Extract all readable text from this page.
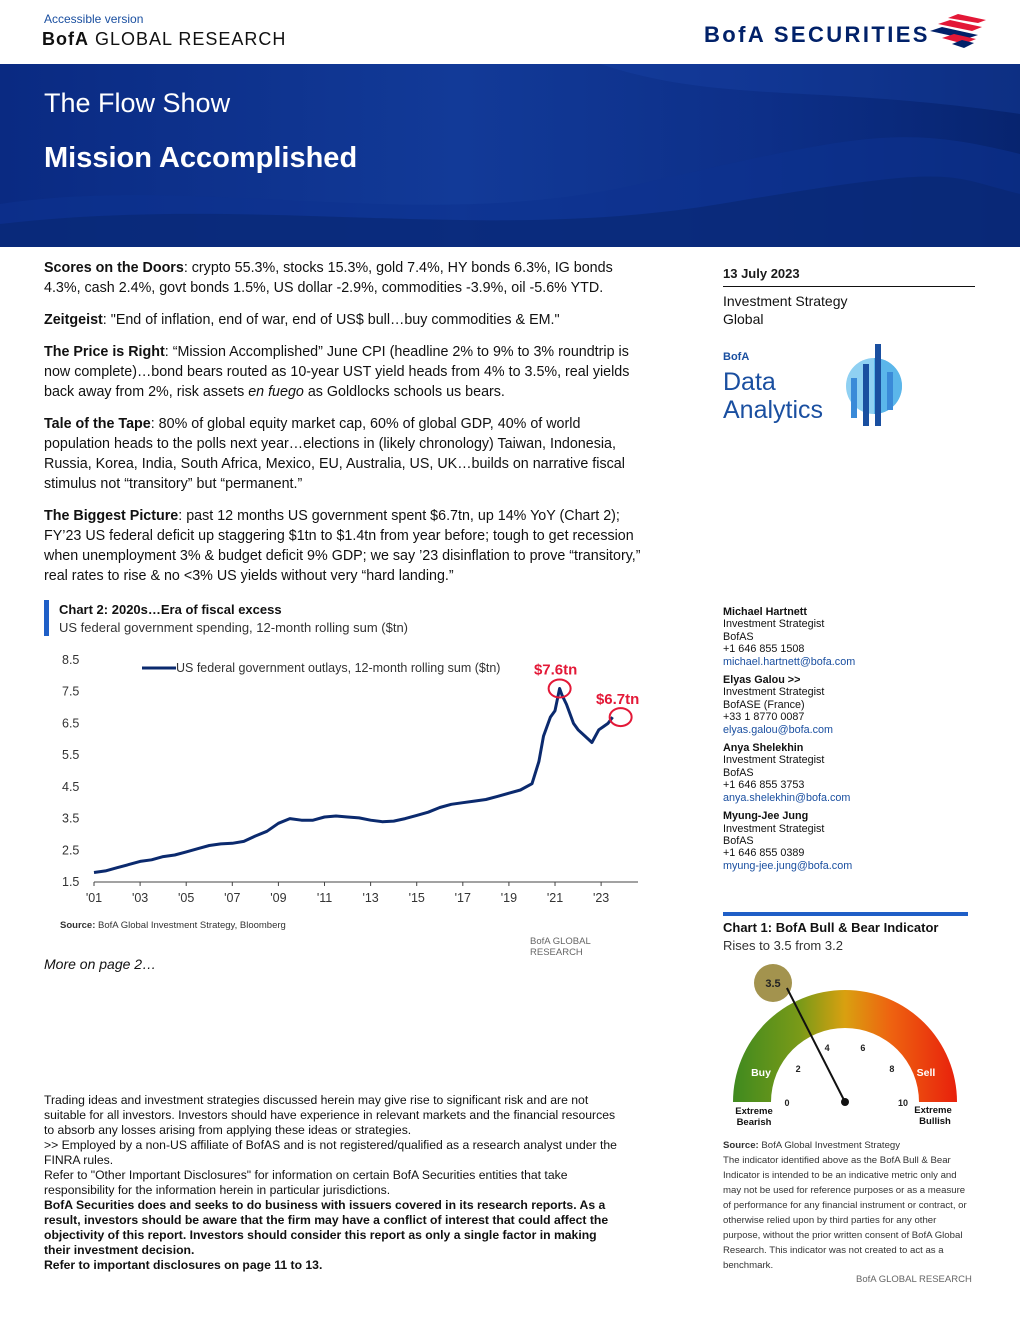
Accessible version
BofA GLOBAL RESEARCH	BofA SECURITIES
The Flow Show
Mission Accomplished

Scores on the Doors: crypto 55.3%, stocks 15.3%, gold 7.4%, HY bonds 6.3%, IG bonds 4.3%, cash 2.4%, govt bonds 1.5%, US dollar -2.9%, commodities -3.9%, oil -5.6% YTD.

Zeitgeist: "End of inflation, end of war, end of US$ bull…buy commodities & EM."

The Price is Right: “Mission Accomplished” June CPI (headline 2% to 9% to 3% roundtrip is now complete)…bond bears routed as 10-year UST yield heads from 4% to 3.5%, real yields back away from 2%, risk assets en fuego as Goldlocks schools us bears.

Tale of the Tape: 80% of global equity market cap, 60% of global GDP, 40% of world population heads to the polls next year…elections in (likely chronology) Taiwan, Indonesia, Russia, Korea, India, South Africa, Mexico, EU, Australia, US, UK…builds on narrative fiscal stimulus not “transitory” but “permanent.”

The Biggest Picture: past 12 months US government spent $6.7tn, up 14% YoY (Chart 2); FY’23 US federal deficit up staggering $1tn to $1.4tn from year before; tough to get recession when unemployment 3% & budget deficit 9% GDP; we say ’23 disinflation to prove “transitory,” real rates to rise & no <3% US yields without very “hard landing.”

Chart 2: 2020s…Era of fiscal excess
US federal government spending, 12-month rolling sum ($tn)
8.5
7.5
6.5
5.5
4.5
3.5
2.5
1.5
'01 '03 '05 '07 '09 '11 '13 '15 '17 '19 '21 '23
US federal government outlays, 12-month rolling sum ($tn) $7.6tn
$6.7tn
Source: BofA Global Investment Strategy, Bloomberg
BofA GLOBAL RESEARCH
More on page 2…
Trading ideas and investment strategies discussed herein may give rise to significant risk and are not suitable for all investors. Investors should have experience in relevant markets and the financial resources to absorb any losses arising from applying these ideas or strategies.
>> Employed by a non-US affiliate of BofAS and is not registered/qualified as a research analyst under the FINRA rules.
Refer to "Other Important Disclosures" for information on certain BofA Securities entities that take responsibility for the information herein in particular jurisdictions.
BofA Securities does and seeks to do business with issuers covered in its research reports. As a result, investors should be aware that the firm may have a conflict of interest that could affect the objectivity of this report. Investors should consider this report as only a single factor in making their investment decision.
Refer to important disclosures on page 11 to 13.
13 July 2023
Investment Strategy
Global
BofA
Data
Analytics
Michael Hartnett
Investment Strategist
BofAS
+1 646 855 1508
michael.hartnett@bofa.com
Elyas Galou >>
Investment Strategist
BofASE (France)
+33 1 8770 0087
elyas.galou@bofa.com
Anya Shelekhin
Investment Strategist
BofAS
+1 646 855 3753
anya.shelekhin@bofa.com
Myung-Jee Jung
Investment Strategist
BofAS
+1 646 855 0389
myung-jee.jung@bofa.com
Chart 1: BofA Bull & Bear Indicator
Rises to 3.5 from 3.2
3.5
Buy	Sell
0
2
4	6
8
10
Extreme
Bearish
Extreme
Bullish
Source: BofA Global Investment Strategy
The indicator identified above as the BofA Bull & Bear Indicator is intended to be an indicative metric only and may not be used for reference purposes or as a measure of performance for any financial instrument or contract, or otherwise relied upon by third parties for any other purpose, without the prior written consent of BofA Global Research. This indicator was not created to act as a benchmark.
BofA GLOBAL RESEARCH
